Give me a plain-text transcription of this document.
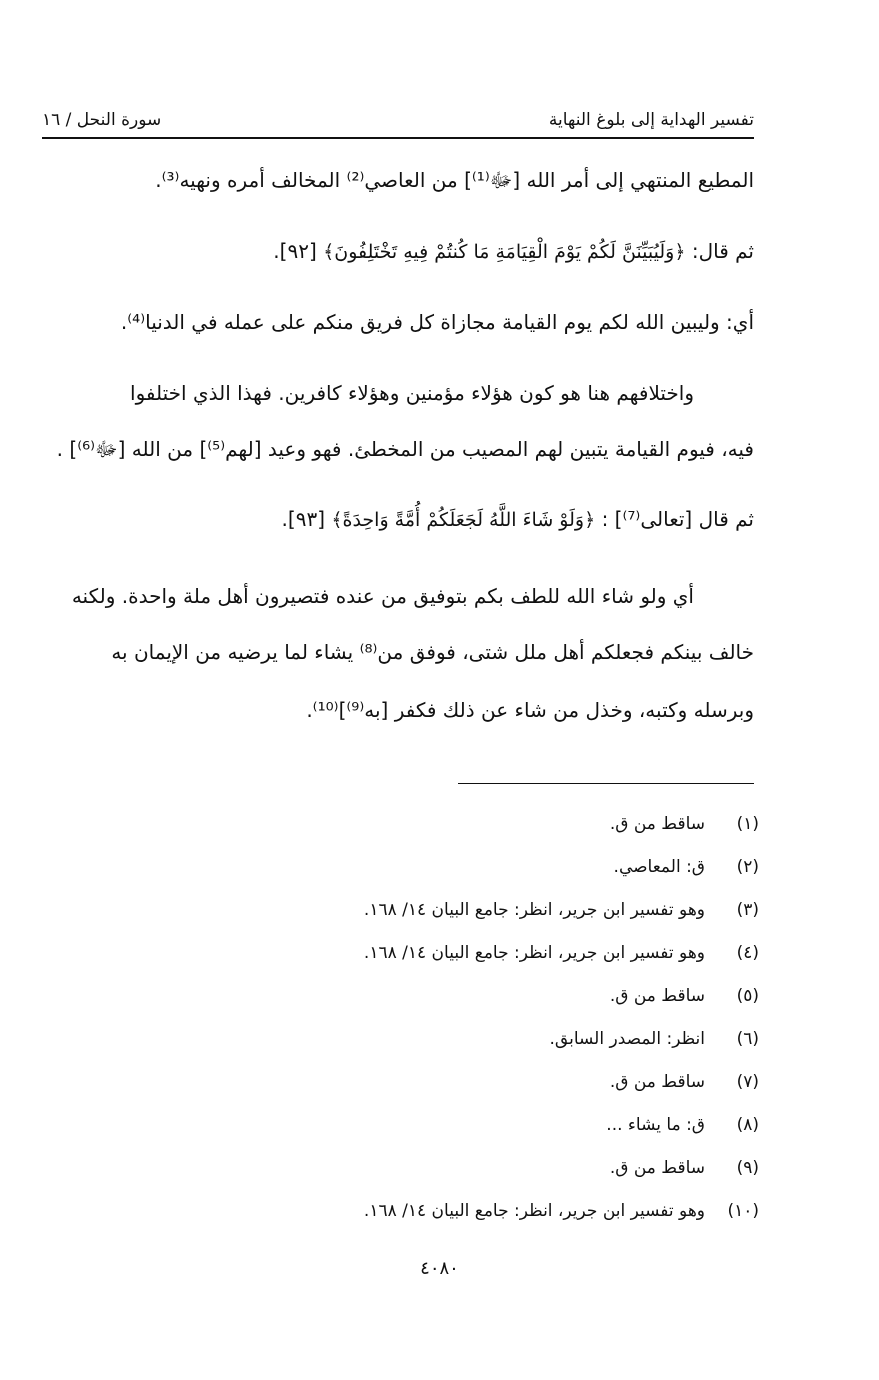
تفسير الهداية إلى بلوغ النهاية
سورة النحل / ١٦

المطيع المنتهي إلى أمر الله [ﷻ⁽¹⁾] من العاصي⁽²⁾ المخالف أمره ونهيه⁽³⁾.

ثم قال: ﴿وَلَيُبَيِّنَنَّ لَكُمْ يَوْمَ الْقِيَامَةِ مَا كُنتُمْ فِيهِ تَخْتَلِفُونَ﴾ [٩٢].

أي: وليبين الله لكم يوم القيامة مجازاة كل فريق منكم على عمله في الدنيا⁽⁴⁾.

واختلافهم هنا هو كون هؤلاء مؤمنين وهؤلاء كافرين. فهذا الذي اختلفوا

فيه، فيوم القيامة يتبين لهم المصيب من المخطئ. فهو وعيد [لهم⁽⁵⁾] من الله [ﷻ⁽⁶⁾] .

ثم قال [تعالى⁽⁷⁾] : ﴿وَلَوْ شَاءَ اللَّهُ لَجَعَلَكُمْ أُمَّةً وَاحِدَةً﴾ [٩٣].

أي ولو شاء الله للطف بكم بتوفيق من عنده فتصيرون أهل ملة واحدة. ولكنه

خالف بينكم فجعلكم أهل ملل شتى، فوفق من⁽⁸⁾ يشاء لما يرضيه من الإيمان به

وبرسله وكتبه، وخذل من شاء عن ذلك فكفر [به⁽⁹⁾]⁽¹⁰⁾.

(١)
ساقط من ق.
(٢)
ق: المعاصي.
(٣)
وهو تفسير ابن جرير، انظر: جامع البيان ١٤/ ١٦٨.
(٤)
وهو تفسير ابن جرير، انظر: جامع البيان ١٤/ ١٦٨.
(٥)
ساقط من ق.
(٦)
انظر: المصدر السابق.
(٧)
ساقط من ق.
(٨)
ق: ما يشاء ...
(٩)
ساقط من ق.
(١٠)
وهو تفسير ابن جرير، انظر: جامع البيان ١٤/ ١٦٨.
٤٠٨٠
